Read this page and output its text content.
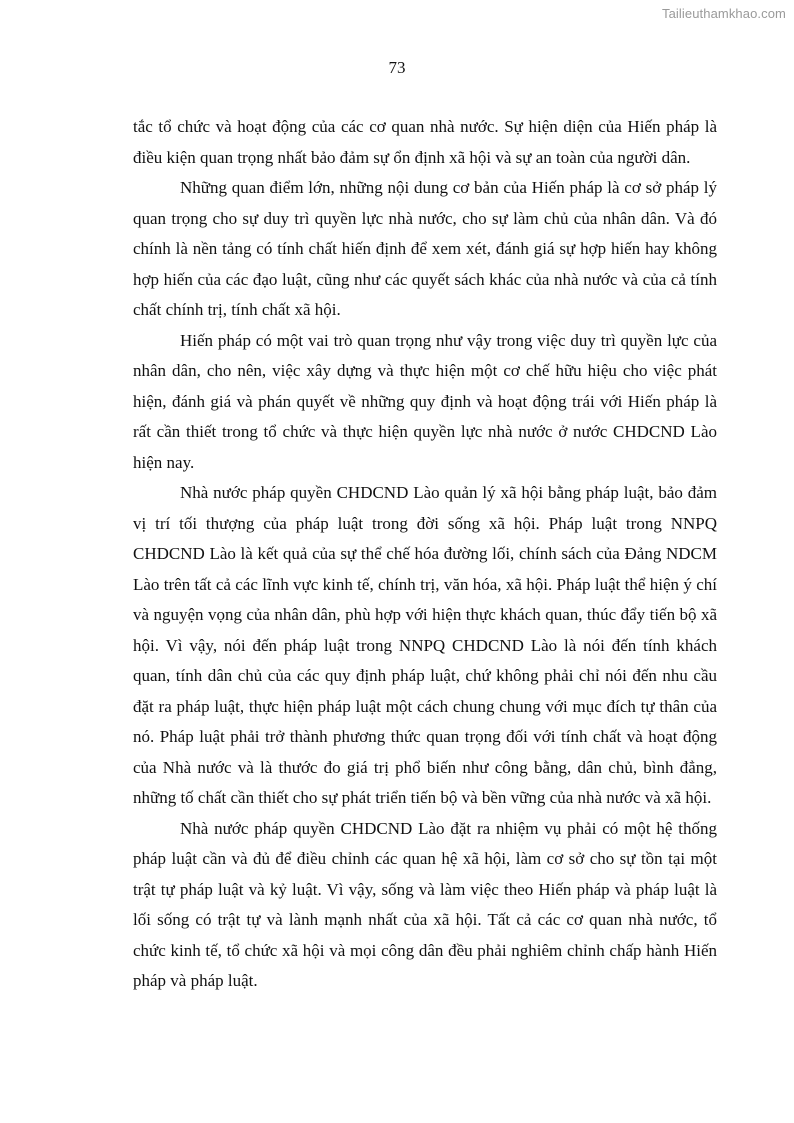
Tailieuthamkhao.com
73

tắc tổ chức và hoạt động của các cơ quan nhà nước. Sự hiện diện của Hiến pháp là điều kiện quan trọng nhất bảo đảm sự ổn định xã hội và sự an toàn của người dân.

Những quan điểm lớn, những nội dung cơ bản của Hiến pháp là cơ sở pháp lý quan trọng cho sự duy trì quyền lực nhà nước, cho sự làm chủ của nhân dân. Và đó chính là nền tảng có tính chất hiến định để xem xét, đánh giá sự hợp hiến hay không hợp hiến của các đạo luật, cũng như các quyết sách khác của nhà nước và của cả tính chất chính trị, tính chất xã hội.

Hiến pháp có một vai trò quan trọng như vậy trong việc duy trì quyền lực của nhân dân, cho nên, việc xây dựng và thực hiện một cơ chế hữu hiệu cho việc phát hiện, đánh giá và phán quyết về những quy định và hoạt động trái với Hiến pháp là rất cần thiết trong tổ chức và thực hiện quyền lực nhà nước ở nước CHDCND Lào hiện nay.

Nhà nước pháp quyền CHDCND Lào quản lý xã hội bằng pháp luật, bảo đảm vị trí tối thượng của pháp luật trong đời sống xã hội. Pháp luật trong NNPQ CHDCND Lào là kết quả của sự thể chế hóa đường lối, chính sách của Đảng NDCM Lào trên tất cả các lĩnh vực kinh tế, chính trị, văn hóa, xã hội. Pháp luật thể hiện ý chí và nguyện vọng của nhân dân, phù hợp với hiện thực khách quan, thúc đẩy tiến bộ xã hội. Vì vậy, nói đến pháp luật trong NNPQ CHDCND Lào là nói đến tính khách quan, tính dân chủ của các quy định pháp luật, chứ không phải chỉ nói đến nhu cầu đặt ra pháp luật, thực hiện pháp luật một cách chung chung với mục đích tự thân của nó. Pháp luật phải trở thành phương thức quan trọng đối với tính chất và hoạt động của Nhà nước và là thước đo giá trị phổ biến như công bằng, dân chủ, bình đẳng, những tố chất cần thiết cho sự phát triển tiến bộ và bền vững của nhà nước và xã hội.

Nhà nước pháp quyền CHDCND Lào đặt ra nhiệm vụ phải có một hệ thống pháp luật cần và đủ để điều chỉnh các quan hệ xã hội, làm cơ sở cho sự tồn tại một trật tự pháp luật và kỷ luật. Vì vậy, sống và làm việc theo Hiến pháp và pháp luật là lối sống có trật tự và lành mạnh nhất của xã hội. Tất cả các cơ quan nhà nước, tổ chức kinh tế, tổ chức xã hội và mọi công dân đều phải nghiêm chỉnh chấp hành Hiến pháp và pháp luật.
